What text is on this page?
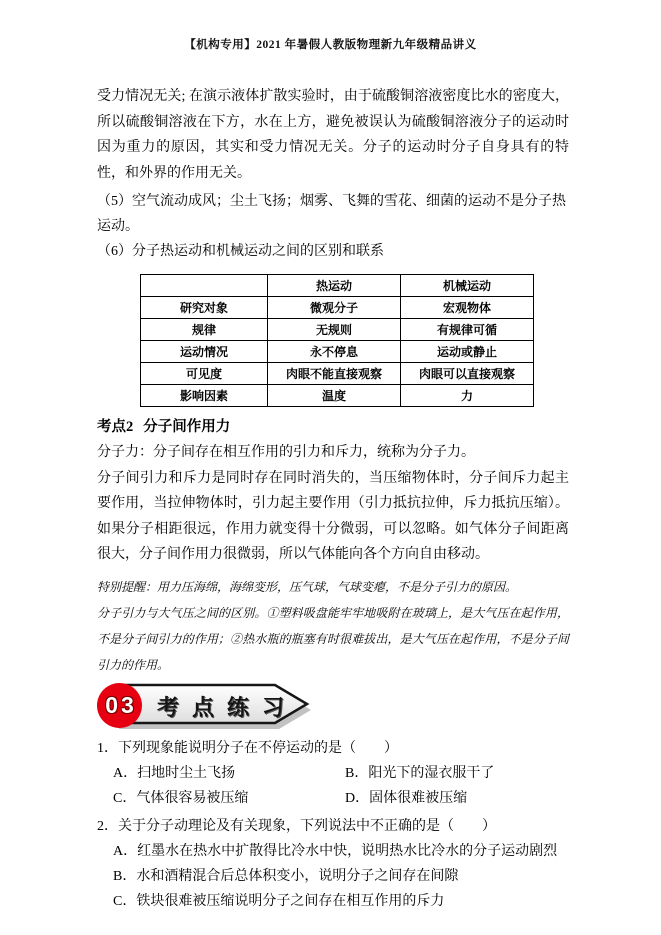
【机构专用】2021 年暑假人教版物理新九年级精品讲义

受力情况无关; 在演示液体扩散实验时，由于硫酸铜溶液密度比水的密度大，所以硫酸铜溶液在下方，水在上方，避免被误认为硫酸铜溶液分子的运动时因为重力的原因，其实和受力情况无关。分子的运动时分子自身具有的特性，和外界的作用无关。

（5）空气流动成风；尘土飞扬；烟雾、飞舞的雪花、细菌的运动不是分子热运动。

（6）分子热运动和机械运动之间的区别和联系

	热运动	机械运动
研究对象	微观分子	宏观物体
规律	无规则	有规律可循
运动情况	永不停息	运动或静止
可见度	肉眼不能直接观察	肉眼可以直接观察
影响因素	温度	力
考点2 分子间作用力

分子力：分子间存在相互作用的引力和斥力，统称为分子力。

分子间引力和斥力是同时存在同时消失的，当压缩物体时，分子间斥力起主要作用，当拉伸物体时，引力起主要作用（引力抵抗拉伸，斥力抵抗压缩）。如果分子相距很远，作用力就变得十分微弱，可以忽略。如气体分子间距离很大，分子间作用力很微弱，所以气体能向各个方向自由移动。

特别提醒：用力压海绵，海绵变形，压气球，气球变瘪，不是分子引力的原因。

分子引力与大气压之间的区别。①塑料吸盘能牢牢地吸附在玻璃上，是大气压在起作用，不是分子间引力的作用；②热水瓶的瓶塞有时很难拔出，是大气压在起作用，不是分子间引力的作用。

03 考点练习

1．下列现象能说明分子在不停运动的是（　　）

A．扫地时尘土飞扬	B．阳光下的湿衣服干了
C．气体很容易被压缩	D．固体很难被压缩

2．关于分子动理论及有关现象，下列说法中不正确的是（　　）

A．红墨水在热水中扩散得比冷水中快，说明热水比冷水的分子运动剧烈

B．水和酒精混合后总体积变小，说明分子之间存在间隙

C．铁块很难被压缩说明分子之间存在相互作用的斥力
